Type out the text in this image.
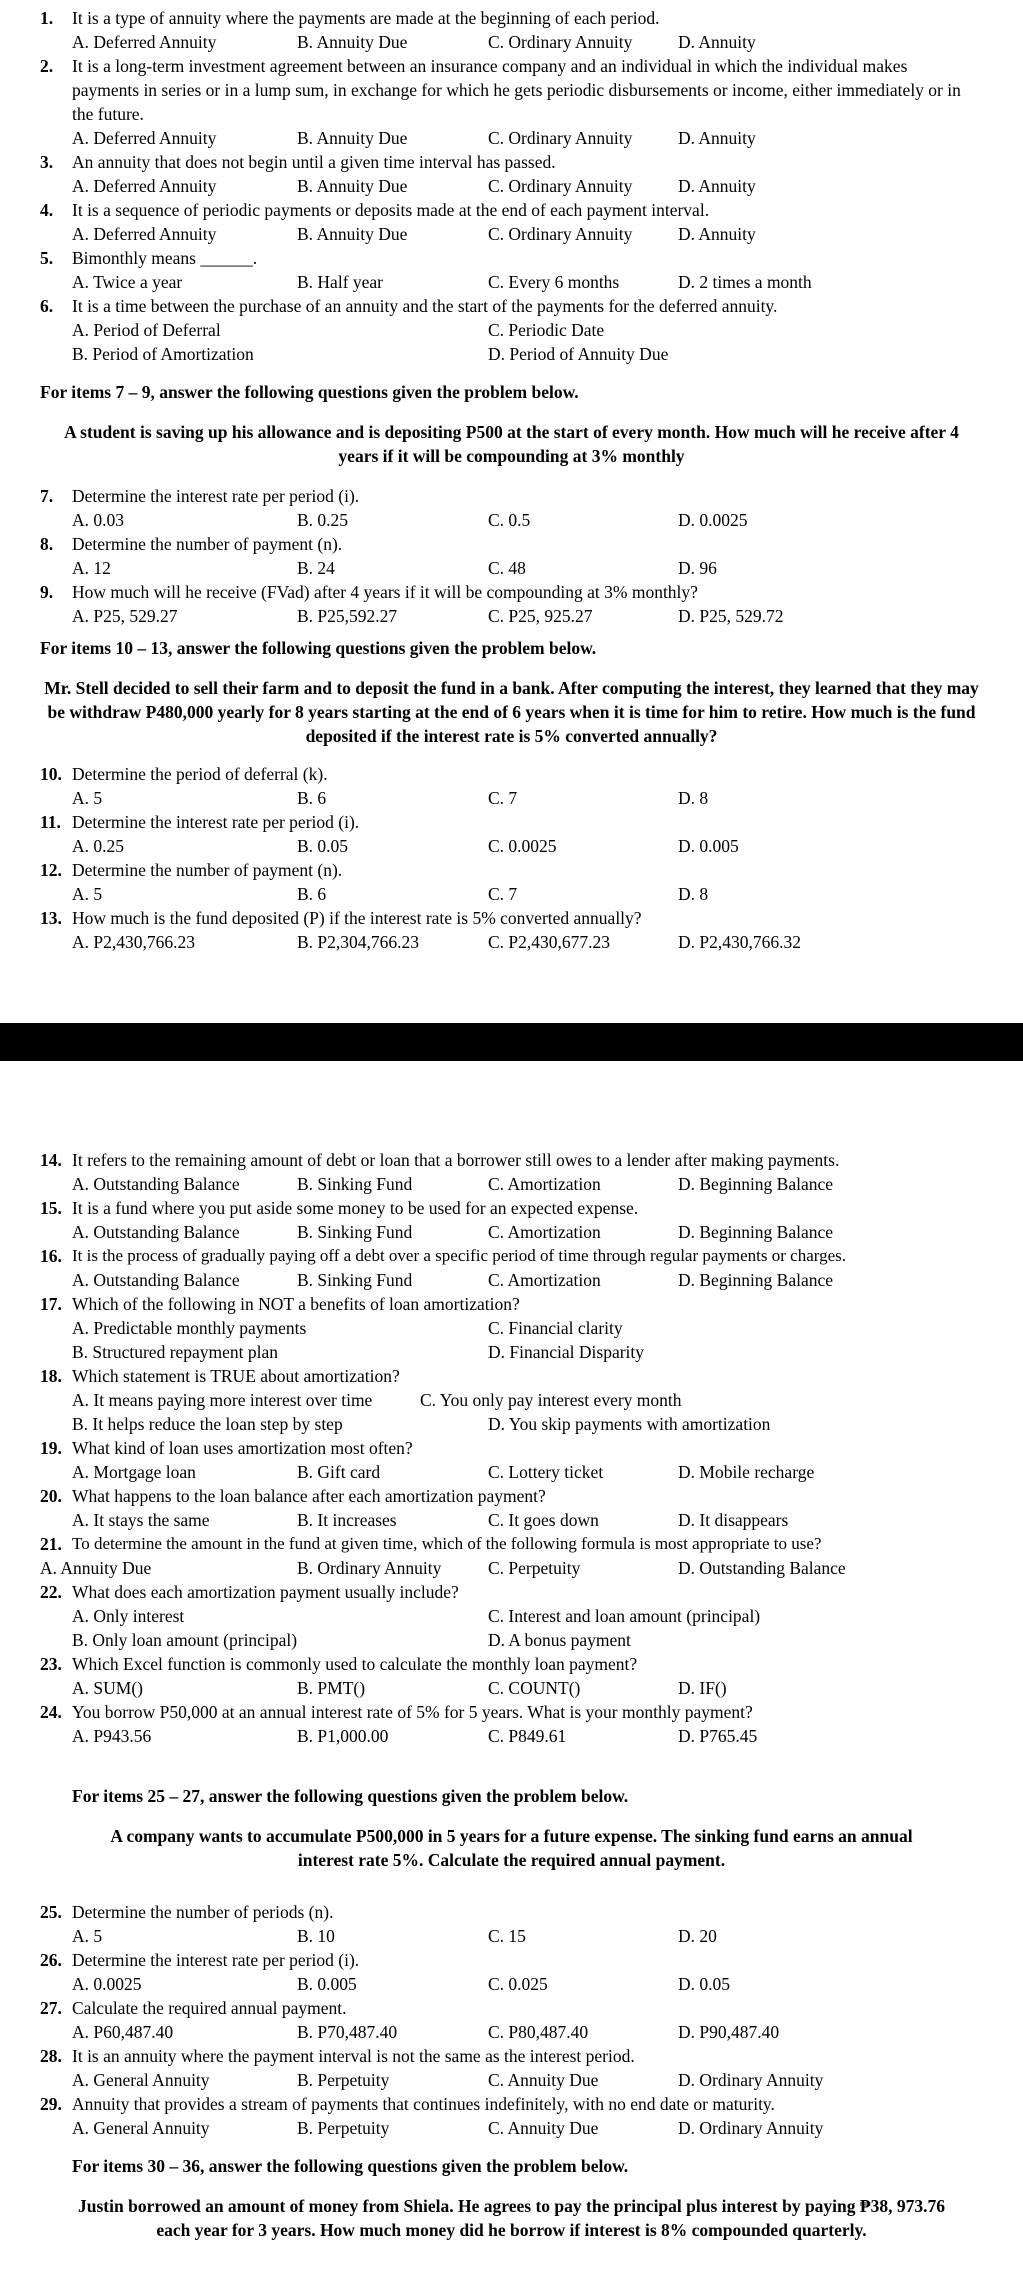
1.	It is a type of annuity where the payments are made at the beginning of each period.
A. Deferred Annuity	B. Annuity Due	C. Ordinary Annuity	D. Annuity
2.	It is a long-term investment agreement between an insurance company and an individual in which the individual makes payments in series or in a lump sum, in exchange for which he gets periodic disbursements or income, either immediately or in the future.
A. Deferred Annuity	B. Annuity Due	C. Ordinary Annuity	D. Annuity
3.	An annuity that does not begin until a given time interval has passed.
A. Deferred Annuity	B. Annuity Due	C. Ordinary Annuity	D. Annuity
4.	It is a sequence of periodic payments or deposits made at the end of each payment interval.
A. Deferred Annuity	B. Annuity Due	C. Ordinary Annuity	D. Annuity
5.	Bimonthly means ______.
A. Twice a year	B. Half year	C. Every 6 months	D. 2 times a month
6.	It is a time between the purchase of an annuity and the start of the payments for the deferred annuity.
A. Period of Deferral	C. Periodic Date
B. Period of Amortization	D. Period of Annuity Due
For items 7 – 9, answer the following questions given the problem below.
A student is saving up his allowance and is depositing P500 at the start of every month. How much will he receive after 4 years if it will be compounding at 3% monthly
7.	Determine the interest rate per period (i).
A. 0.03	B. 0.25	C. 0.5	D. 0.0025
8.	Determine the number of payment (n).
A. 12	B. 24	C. 48	D. 96
9.	How much will he receive (FVad) after 4 years if it will be compounding at 3% monthly?
A. P25, 529.27	B. P25,592.27	C. P25, 925.27	D. P25, 529.72
For items 10 – 13, answer the following questions given the problem below.
Mr. Stell decided to sell their farm and to deposit the fund in a bank. After computing the interest, they learned that they may be withdraw P480,000 yearly for 8 years starting at the end of 6 years when it is time for him to retire. How much is the fund deposited if the interest rate is 5% converted annually?
10. Determine the period of deferral (k).
A. 5	B. 6	C. 7	D. 8
11. Determine the interest rate per period (i).
A. 0.25	B. 0.05	C. 0.0025	D. 0.005
12. Determine the number of payment (n).
A. 5	B. 6	C. 7	D. 8
13. How much is the fund deposited (P) if the interest rate is 5% converted annually?
A. P2,430,766.23	B. P2,304,766.23	C. P2,430,677.23	D. P2,430,766.32
14. It refers to the remaining amount of debt or loan that a borrower still owes to a lender after making payments.
A. Outstanding Balance	B. Sinking Fund	C. Amortization	D. Beginning Balance
15. It is a fund where you put aside some money to be used for an expected expense.
A. Outstanding Balance	B. Sinking Fund	C. Amortization	D. Beginning Balance
16. It is the process of gradually paying off a debt over a specific period of time through regular payments or charges.
A. Outstanding Balance	B. Sinking Fund	C. Amortization	D. Beginning Balance
17. Which of the following in NOT a benefits of loan amortization?
A. Predictable monthly payments	C. Financial clarity
B. Structured repayment plan	D. Financial Disparity
18. Which statement is TRUE about amortization?
A. It means paying more interest over time	C. You only pay interest every month
B. It helps reduce the loan step by step	D. You skip payments with amortization
19. What kind of loan uses amortization most often?
A. Mortgage loan	B. Gift card	C. Lottery ticket	D. Mobile recharge
20. What happens to the loan balance after each amortization payment?
A. It stays the same	B. It increases	C. It goes down	D. It disappears
21. To determine the amount in the fund at given time, which of the following formula is most appropriate to use?
A. Annuity Due	B. Ordinary Annuity	C. Perpetuity	D. Outstanding Balance
22. What does each amortization payment usually include?
A. Only interest	C. Interest and loan amount (principal)
B. Only loan amount (principal)	D. A bonus payment
23. Which Excel function is commonly used to calculate the monthly loan payment?
A. SUM()	B. PMT()	C. COUNT()	D. IF()
24. You borrow P50,000 at an annual interest rate of 5% for 5 years. What is your monthly payment?
A. P943.56	B. P1,000.00	C. P849.61	D. P765.45
For items 25 – 27, answer the following questions given the problem below.
A company wants to accumulate P500,000 in 5 years for a future expense. The sinking fund earns an annual interest rate 5%. Calculate the required annual payment.
25. Determine the number of periods (n).
A. 5	B. 10	C. 15	D. 20
26. Determine the interest rate per period (i).
A. 0.0025	B. 0.005	C. 0.025	D. 0.05
27. Calculate the required annual payment.
A. P60,487.40	B. P70,487.40	C. P80,487.40	D. P90,487.40
28. It is an annuity where the payment interval is not the same as the interest period.
A. General Annuity	B. Perpetuity	C. Annuity Due	D. Ordinary Annuity
29. Annuity that provides a stream of payments that continues indefinitely, with no end date or maturity.
A. General Annuity	B. Perpetuity	C. Annuity Due	D. Ordinary Annuity
For items 30 – 36, answer the following questions given the problem below.
Justin borrowed an amount of money from Shiela. He agrees to pay the principal plus interest by paying ₱38, 973.76 each year for 3 years. How much money did he borrow if interest is 8% compounded quarterly.
